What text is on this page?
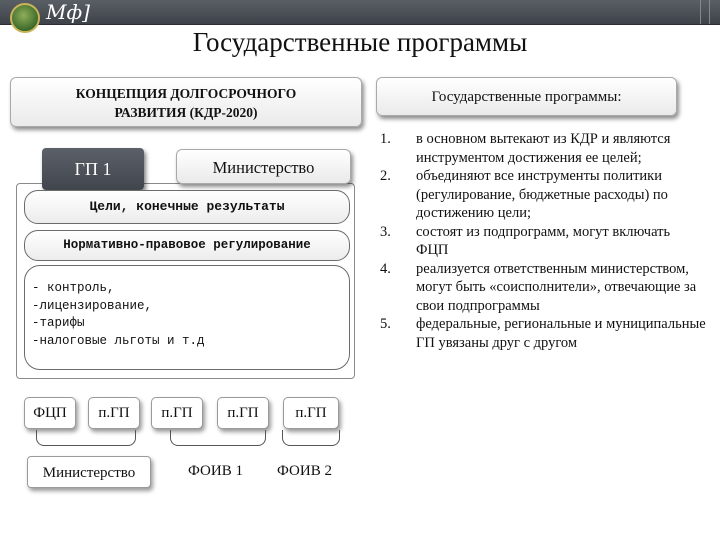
Мф]
Государственные программы
КОНЦЕПЦИЯ ДОЛГОСРОЧНОГО
РАЗВИТИЯ (КДР-2020)
Государственные программы:
Министерство
ГП 1
Цели, конечные результаты
Нормативно-правовое регулирование
- контроль,
-лицензирование,
-тарифы
-налоговые льготы и т.д
ФЦП	п.ГП	п.ГП	п.ГП	п.ГП
Министерство	ФОИВ 1 ФОИВ 2
1. в основном вытекают из КДР и являются инструментом достижения ее целей;
2. объединяют все инструменты политики (регулирование, бюджетные расходы) по достижению цели;
3. состоят из подпрограмм, могут включать ФЦП
4. реализуется ответственным министерством, могут быть «соисполнители», отвечающие за свои подпрограммы
5. федеральные, региональные и муниципальные ГП увязаны друг с другом
